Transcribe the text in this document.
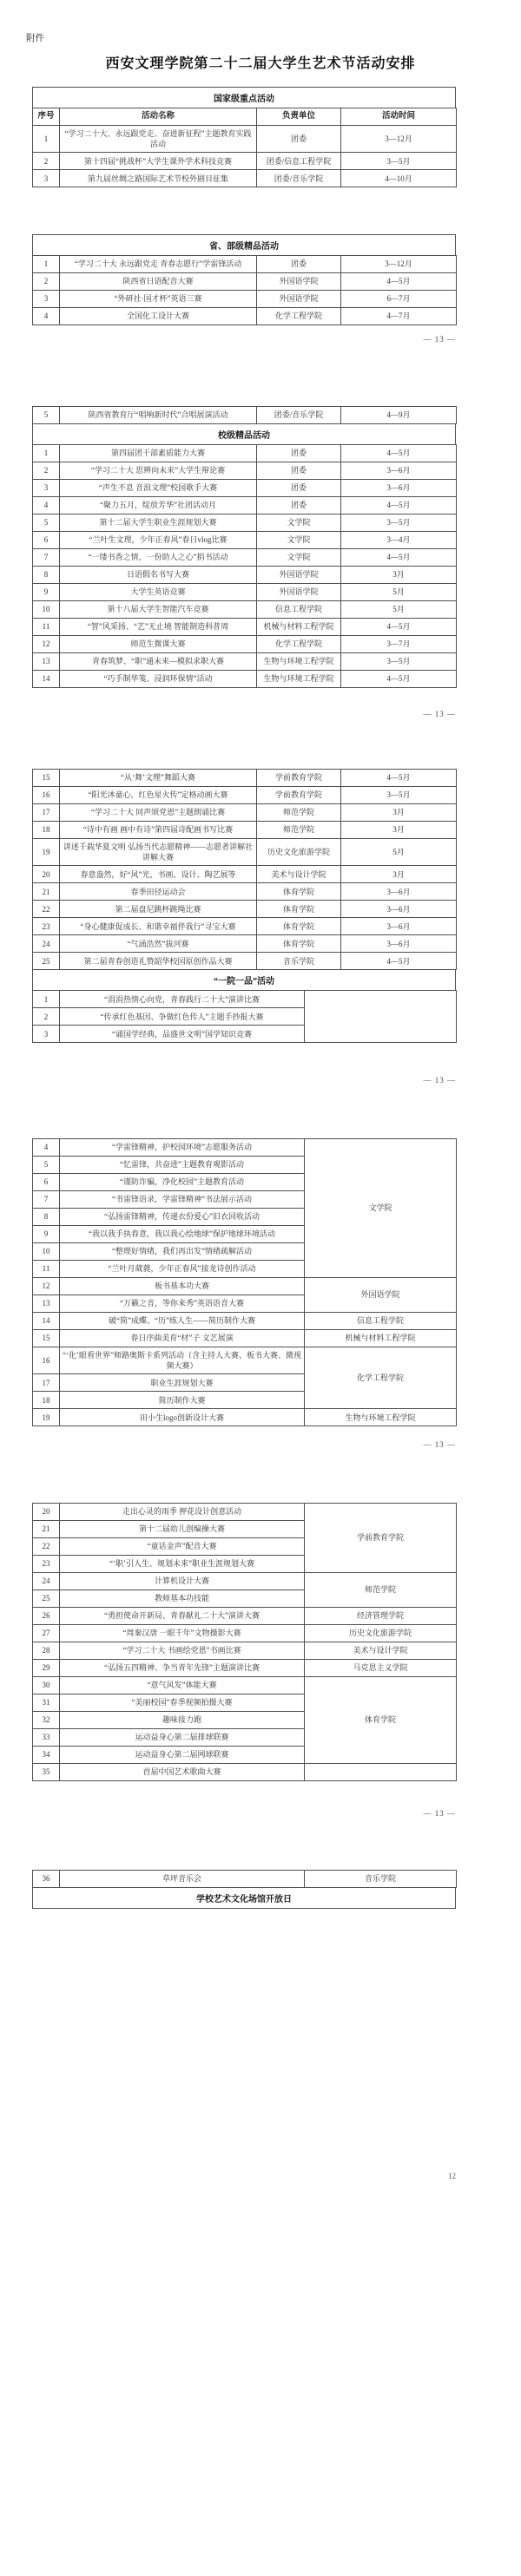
附件
西安文理学院第二十二届大学生艺术节活动安排
国家级重点活动
序号	活动名称	负责单位	活动时间
1	“学习二十大、永远跟党走、奋进新征程”主题教育实践活动	团委	3—12月
2	第十四届“挑战杯”大学生课外学术科技竞赛	团委/信息工程学院	3—5月
3	第九届丝绸之路国际艺术节校外剧目征集	团委/音乐学院	4—10月
省、部级精品活动
1	“学习二十大 永远跟党走 青春志愿行”学雷锋活动	团委	3—12月
2	陕西省日语配音大赛	外国语学院	4—5月
3	“外研社·国才杯”英语三赛	外国语学院	6—7月
4	全国化工设计大赛	化学工程学院	4—7月
— 13 —
5	陕西省教育厅“唱响新时代”合唱展演活动	团委/音乐学院	4—9月
校级精品活动
1	第四届团干部素质能力大赛	团委	4—5月
2	“学习二十大 思辨向未来”大学生辩论赛	团委	3—6月
3	“声生不息 音浪文理”校园歌手大赛	团委	3—6月
4	“聚力五月，绽放芳华”社团活动月	团委	4—5月
5	第十二届大学生职业生涯规划大赛	文学院	3—5月
6	“兰叶生文理，少年正春风”春日vlog比赛	文学院	3—4月
7	“一缕书香之情，一份助人之心”捐书活动	文学院	4—5月
8	日语假名书写大赛	外国语学院	3月
9	大学生英语竞赛	外国语学院	5月
10	第十八届大学生智能汽车竞赛	信息工程学院	5月
11	“智”风采扬、“艺”无止境 智能制造科普周	机械与材料工程学院	4—5月
12	师范生微课大赛	化学工程学院	3—7月
13	青春筑梦、“职”通未来—模拟求职大赛	生物与环境工程学院	3—5月
14	“巧手制华笺、浸润环保情”活动	生物与环境工程学院	4—5月
— 13 —
15	“从‘舞’文理”舞蹈大赛	学前教育学院	4—5月
16	“阳光沐童心，红色星火传”定格动画大赛	学前教育学院	3—5月
17	“学习二十大 同声颂党恩”主题朗诵比赛	师范学院	3月
18	“诗中有画 画中有诗”第四届诗配画书写比赛	师范学院	3月
19	讲述千载华夏文明 弘扬当代志愿精神——志愿者讲解社讲解大赛	历史文化旅游学院	5月
20	春意盎然，好“风”光，书画、设计、陶艺展等	美术与设计学院	3月
21	春季田径运动会	体育学院	3—6月
22	第二届盘尼跳杯跳绳比赛	体育学院	3—6月
23	“身心健康促成长、和谐幸福伴我行”寻宝大赛	体育学院	3—6月
24	“气涌浩然”拔河赛	体育学院	3—6月
25	第二届青春创造礼赞韶华校园原创作品大赛	音乐学院	4—5月
“一院一品”活动
1	“涓涓热情心向党，青春践行二十大”演讲比赛	
2	“传承红色基因、争做红色传人”主题手抄报大赛	
3	“诵国学经典，品盛世文明”国学知识竞赛	
— 13 —
4	“学雷锋精神，护校园环境”志愿服务活动	文学院
5	“忆雷锋，共奋进”主题教育观影活动	
6	“谨防诈骗，净化校园”主题教育活动	
7	“书雷锋语录，学雷锋精神”书法展示活动	
8	“弘扬雷锋精神，传递衣份爱心”旧衣回收活动	
9	“我以我手执春意，我以我心绘地球”保护地球环境活动	
10	“整理好情绪，我们再出发”情绪疏解活动	
11	“兰叶月葳蕤，少年正春风”接龙诗创作活动	
12	板书基本功大赛	外国语学院
13	“万籁之音，等你来秀”英语语音大赛	
14	破“简”成蝶、“历”练人生——简历制作大赛	信息工程学院
15	春日序曲美育“材”子 文艺展演	机械与材料工程学院
16	“‘化’眼看世界”师路奥斯卡系列活动（含主持人大赛、板书大赛、微视频大赛）	化学工程学院
17	职业生涯规划大赛	
18	简历制作大赛	
19	田小生logo创新设计大赛	生物与环境工程学院
— 13 —
20	走出心灵的雨季 押花设计创意活动	学前教育学院
21	第十二届幼儿创编操大赛	
22	“童话金声”配音大赛	
23	“‘职’引人生、规划未来”职业生涯规划大赛	
24	计算机设计大赛	师范学院
25	教师基本功技能	
26	“勇担使命开新局、青春献礼二十大”演讲大赛	经济管理学院
27	“周秦汉唐 一眼千年”文物摄影大赛	历史文化旅游学院
28	“学习二十大 书画绘党恩”书画比赛	美术与设计学院
29	“弘扬五四精神、争当青年先锋”主题演讲比赛	马克思主义学院
30	“意气风发”体能大赛	体育学院
31	“美丽校园”春季视频拍摄大赛	
32	趣味接力跑	
33	运动益身心第二届排球联赛	
34	运动益身心第二届网球联赛	
35	首届中国艺术歌曲大赛	
— 13 —
36	草坪音乐会	音乐学院
学校艺术文化场馆开放日
12
